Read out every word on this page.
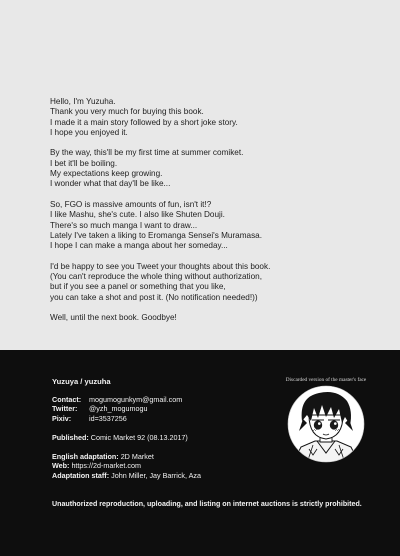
Hello, I'm Yuzuha.
Thank you very much for buying this book.
I made it a main story followed by a short joke story.
I hope you enjoyed it.
By the way, this'll be my first time at summer comiket.
I bet it'll be boiling.
My expectations keep growing.
I wonder what that day'll be like...
So, FGO is massive amounts of fun, isn't it!?
I like Mashu, she's cute. I also like Shuten Douji.
There's so much manga I want to draw...
Lately I've taken a liking to Eromanga Sensei's Muramasa.
I hope I can make a manga about her someday...
I'd be happy to see you Tweet your thoughts about this book.
(You can't reproduce the whole thing without authorization,
but if you see a panel or something that you like,
you can take a shot and post it. (No notification needed!))
Well, until the next book. Goodbye!
Yuzuya / yuzuha
Contact: mogumogunkym@gmail.com
Twitter: @yzh_mogumogu
Pixiv: id=3537256
Published: Comic Market 92 (08.13.2017)
English adaptation: 2D Market
Web: https://2d-market.com
Adaptation staff: John Miller, Jay Barrick, Aza
Discarded version of the master's face
Unauthorized reproduction, uploading, and listing on internet auctions is strictly prohibited.
